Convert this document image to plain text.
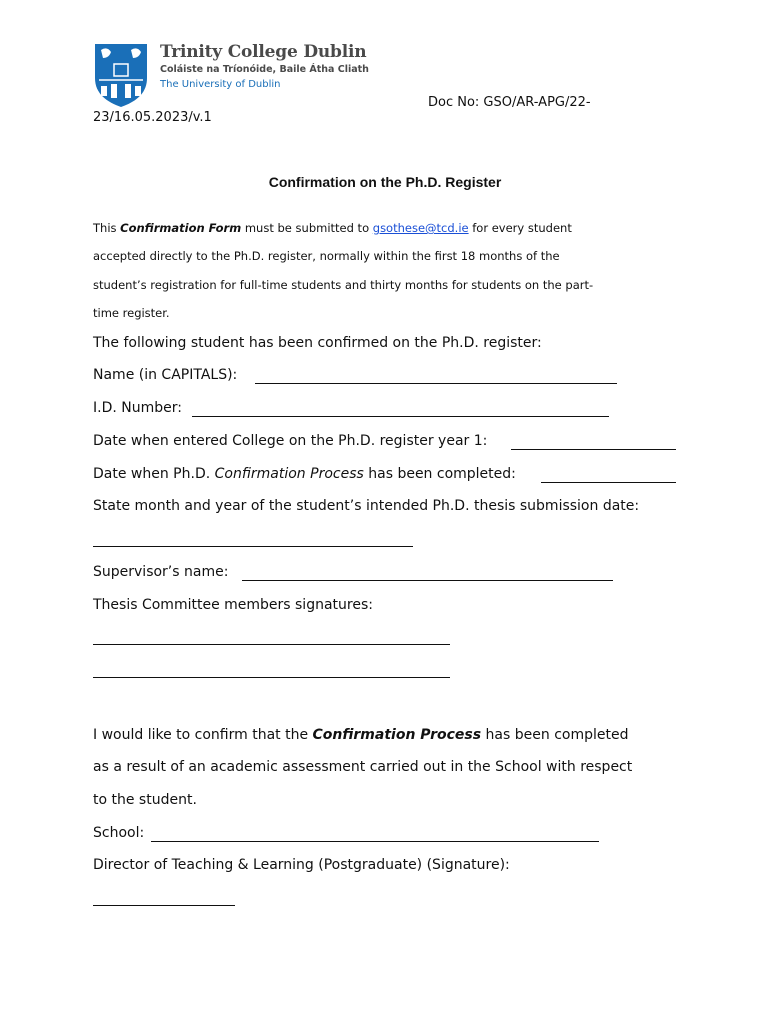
Trinity College Dublin
Coláiste na Tríonóide, Baile Átha Cliath
The University of Dublin
Doc No: GSO/AR-APG/22-
23/16.05.2023/v.1
Confirmation on the Ph.D. Register
This Confirmation Form must be submitted to gsothese@tcd.ie for every student
accepted directly to the Ph.D. register, normally within the first 18 months of the
student’s registration for full-time students and thirty months for students on the part-
time register.
The following student has been confirmed on the Ph.D. register:
Name (in CAPITALS):
I.D. Number:
Date when entered College on the Ph.D. register year 1:
Date when Ph.D. Confirmation Process has been completed:
State month and year of the student’s intended Ph.D. thesis submission date:
Supervisor’s name:
Thesis Committee members signatures:
I would like to confirm that the Confirmation Process has been completed
as a result of an academic assessment carried out in the School with respect
to the student.
School:
Director of Teaching & Learning (Postgraduate) (Signature):
